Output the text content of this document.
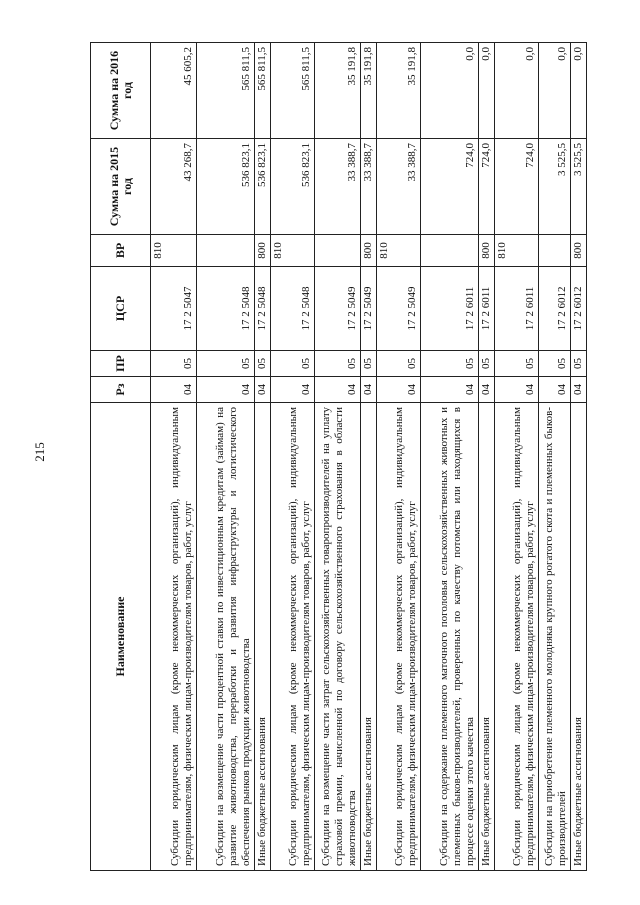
215
Наименование	Рз	ПР	ЦСР	ВР	Сумма на 2015 год	Сумма на 2016 год
Субсидии юридическим лицам (кроме некоммерческих организаций), индивидуальным предпринимателям, физическим лицам-производителям товаров, работ, услуг	04	05	17 2 5047	810	43 268,7	45 605,2
Субсидии на возмещение части процентной ставки по инвестиционным кредитам (займам) на развитие животноводства, переработки и развития инфраструктуры и логистического обеспечения рынков продукции животноводства	04	05	17 2 5048		536 823,1	565 811,5
Иные бюджетные ассигнования	04	05	17 2 5048	800	536 823,1	565 811,5
Субсидии юридическим лицам (кроме некоммерческих организаций), индивидуальным предпринимателям, физическим лицам-производителям товаров, работ, услуг	04	05	17 2 5048	810	536 823,1	565 811,5
Субсидии на возмещение части затрат сельскохозяйственных товаропроизводителей на уплату страховой премии, начисленной по договору сельскохозяйственного страхования в области животноводства	04	05	17 2 5049		33 388,7	35 191,8
Иные бюджетные ассигнования	04	05	17 2 5049	800	33 388,7	35 191,8
Субсидии юридическим лицам (кроме некоммерческих организаций), индивидуальным предпринимателям, физическим лицам-производителям товаров, работ, услуг	04	05	17 2 5049	810	33 388,7	35 191,8
Субсидии на содержание племенного маточного поголовья сельскохозяйственных животных и племенных быков-производителей, проверенных по качеству потомства или находящихся в процессе оценки этого качества	04	05	17 2 6011		724,0	0,0
Иные бюджетные ассигнования	04	05	17 2 6011	800	724,0	0,0
Субсидии юридическим лицам (кроме некоммерческих организаций), индивидуальным предпринимателям, физическим лицам-производителям товаров, работ, услуг	04	05	17 2 6011	810	724,0	0,0
Субсидии на приобретение племенного молодняка крупного рогатого скота и племенных быков-производителей	04	05	17 2 6012		3 525,5	0,0
Иные бюджетные ассигнования	04	05	17 2 6012	800	3 525,5	0,0
